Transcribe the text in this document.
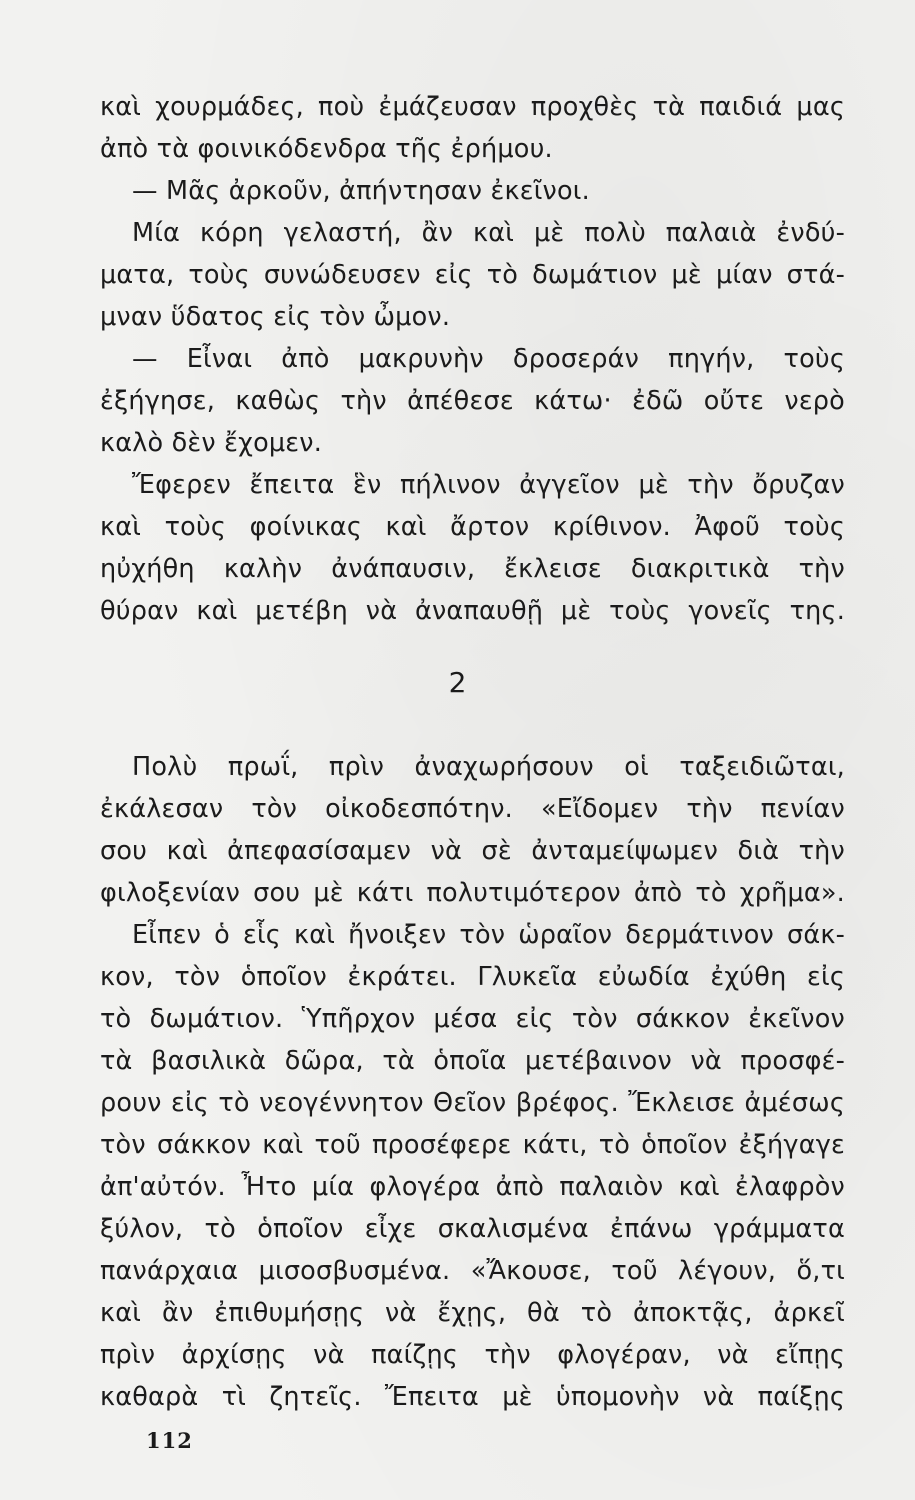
καὶ χουρμάδες, ποὺ ἐμάζευσαν προχθὲς τὰ παιδιά μας
ἀπὸ τὰ φοινικόδενδρα τῆς ἐρήμου.
— Μᾶς ἀρκοῦν, ἀπήντησαν ἐκεῖνοι.
Μία κόρη γελαστή, ἂν καὶ μὲ πολὺ παλαιὰ ἐνδύ-
ματα, τοὺς συνώδευσεν εἰς τὸ δωμάτιον μὲ μίαν στά-
μναν ὕδατος εἰς τὸν ὦμον.
— Εἶναι ἀπὸ μακρυνὴν δροσεράν πηγήν, τοὺς
ἐξήγησε, καθὼς τὴν ἀπέθεσε κάτω· ἐδῶ οὔτε νερὸ
καλὸ δὲν ἔχομεν.
Ἔφερεν ἔπειτα ἓν πήλινον ἀγγεῖον μὲ τὴν ὄρυζαν
καὶ τοὺς φοίνικας καὶ ἄρτον κρίθινον. Ἀφοῦ τοὺς
ηὐχήθη καλὴν ἀνάπαυσιν, ἔκλεισε διακριτικὰ τὴν
θύραν καὶ μετέβη νὰ ἀναπαυθῇ μὲ τοὺς γονεῖς της.
2
Πολὺ πρωΐ, πρὶν ἀναχωρήσουν οἱ ταξειδιῶται,
ἐκάλεσαν τὸν οἰκοδεσπότην. «Εἴδομεν τὴν πενίαν
σου καὶ ἀπεφασίσαμεν νὰ σὲ ἀνταμείψωμεν διὰ τὴν
φιλοξενίαν σου μὲ κάτι πολυτιμότερον ἀπὸ τὸ χρῆμα».
Εἶπεν ὁ εἷς καὶ ἤνοιξεν τὸν ὡραῖον δερμάτινον σάκ-
κον, τὸν ὁποῖον ἐκράτει. Γλυκεῖα εὐωδία ἐχύθη εἰς
τὸ δωμάτιον. Ὑπῆρχον μέσα εἰς τὸν σάκκον ἐκεῖνον
τὰ βασιλικὰ δῶρα, τὰ ὁποῖα μετέβαινον νὰ προσφέ-
ρουν εἰς τὸ νεογέννητον Θεῖον βρέφος. Ἔκλεισε ἀμέσως
τὸν σάκκον καὶ τοῦ προσέφερε κάτι, τὸ ὁποῖον ἐξήγαγε
ἀπ'αὐτόν. Ἦτο μία φλογέρα ἀπὸ παλαιὸν καὶ ἐλαφρὸν
ξύλον, τὸ ὁποῖον εἶχε σκαλισμένα ἐπάνω γράμματα
πανάρχαια μισοσβυσμένα. «Ἄκουσε, τοῦ λέγουν, ὅ,τι
καὶ ἂν ἐπιθυμήσῃς νὰ ἔχῃς, θὰ τὸ ἀποκτᾷς, ἀρκεῖ
πρὶν ἀρχίσῃς νὰ παίζῃς τὴν φλογέραν, νὰ εἴπῃς
καθαρὰ τὶ ζητεῖς. Ἔπειτα μὲ ὑπομονὴν νὰ παίξῃς
112
